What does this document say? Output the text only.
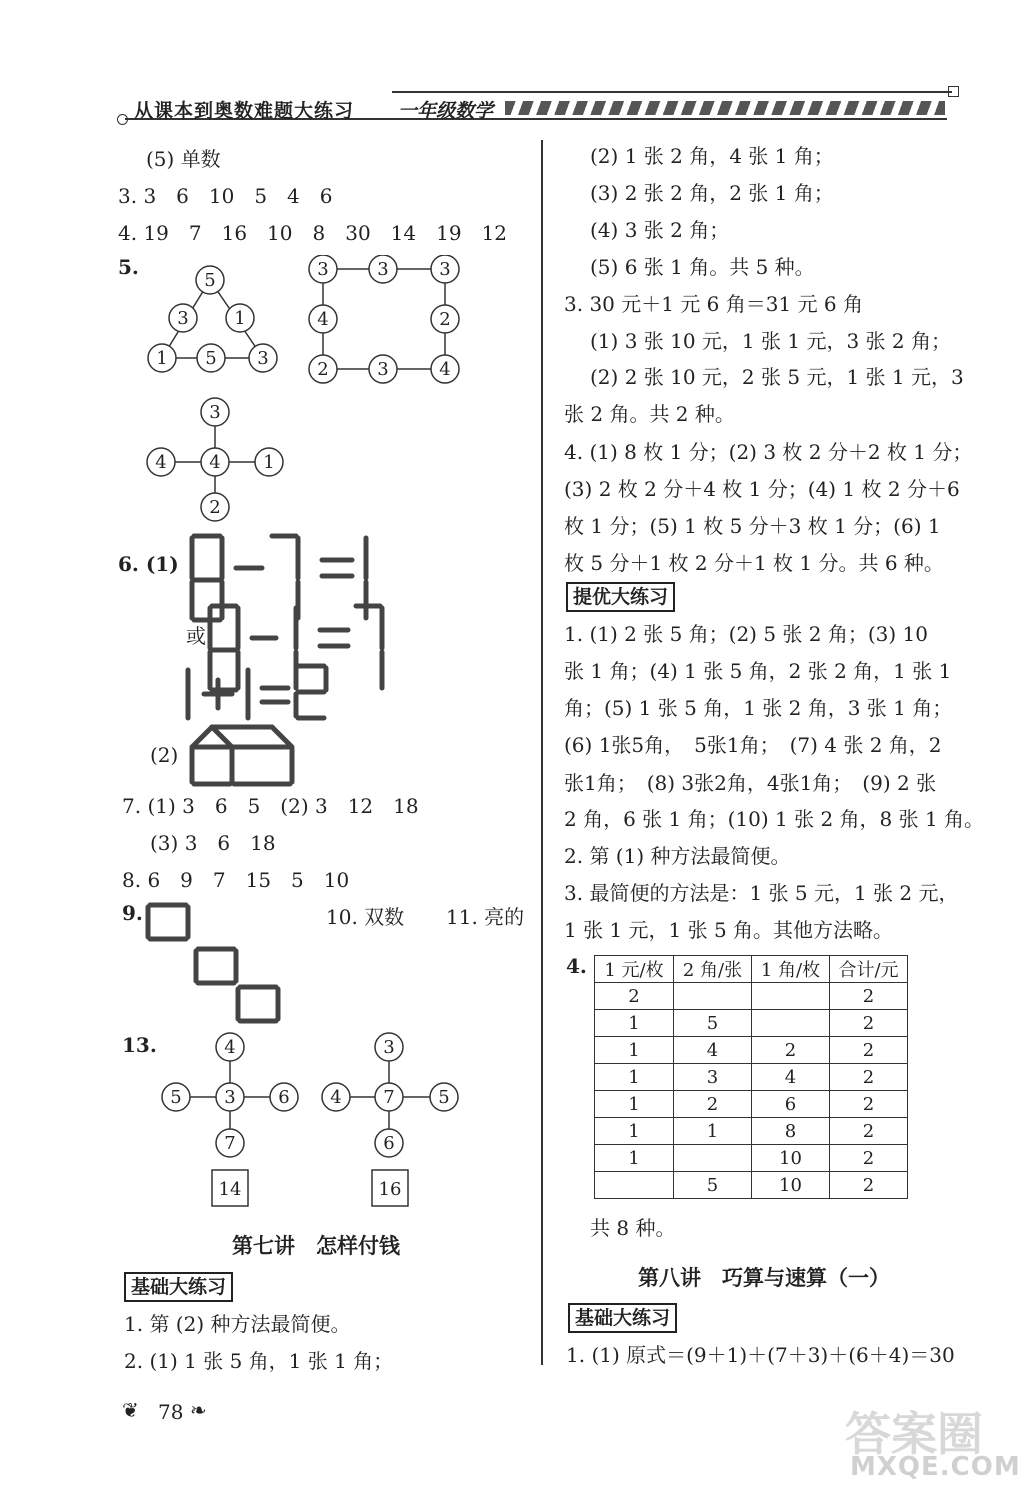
从课本到奥数难题大练习 一年级数学
(5) 单数
3. 3　6　10　5　4　6
4. 19　7　16　10　8　30　14　19　12
5.
5
3	1
1 5 3
3	3	3
4	2
2	3	4
3
4 4 1
2
6. (1)
或
(2)
7. (1) 3　6　5　(2) 3　12　18
(3) 3　6　18
8. 6　9　7　15　5　10
9.	10. 双数 11. 亮的
13.	4
5 3 6
7
14
3
4 7 5
6
16
第七讲　怎样付钱
基础大练习
1. 第 (2) 种方法最简便。
2. (1) 1 张 5 角，1 张 1 角；
❦ 78 ❧
(2) 1 张 2 角，4 张 1 角；
(3) 2 张 2 角，2 张 1 角；
(4) 3 张 2 角；
(5) 6 张 1 角。共 5 种。
3. 30 元＋1 元 6 角＝31 元 6 角
(1) 3 张 10 元，1 张 1 元，3 张 2 角；
(2) 2 张 10 元，2 张 5 元，1 张 1 元，3
张 2 角。共 2 种。
4. (1) 8 枚 1 分；(2) 3 枚 2 分＋2 枚 1 分；
(3) 2 枚 2 分＋4 枚 1 分；(4) 1 枚 2 分＋6
枚 1 分；(5) 1 枚 5 分＋3 枚 1 分；(6) 1
枚 5 分＋1 枚 2 分＋1 枚 1 分。共 6 种。
提优大练习
1. (1) 2 张 5 角；(2) 5 张 2 角；(3) 10
张 1 角；(4) 1 张 5 角，2 张 2 角，1 张 1
角；(5) 1 张 5 角，1 张 2 角，3 张 1 角；
(6) 1张5角，　5张1角；　(7) 4 张 2 角，2
张1角；　(8) 3张2角，4张1角；　(9) 2 张
2 角，6 张 1 角；(10) 1 张 2 角，8 张 1 角。
2. 第 (1) 种方法最简便。
3. 最简便的方法是：1 张 5 元，1 张 2 元，
1 张 1 元，1 张 5 角。其他方法略。
4. 1 元/枚	2 角/张	1 角/枚	合计/元
2			2
1	5		2
1	4	2	2
1	3	4	2
1	2	6	2
1	1	8	2
1		10	2
	5	10	2
共 8 种。
第八讲　巧算与速算（一）
基础大练习
1. (1) 原式＝(9＋1)＋(7＋3)＋(6＋4)＝30
答案圈
MXQE.COM
